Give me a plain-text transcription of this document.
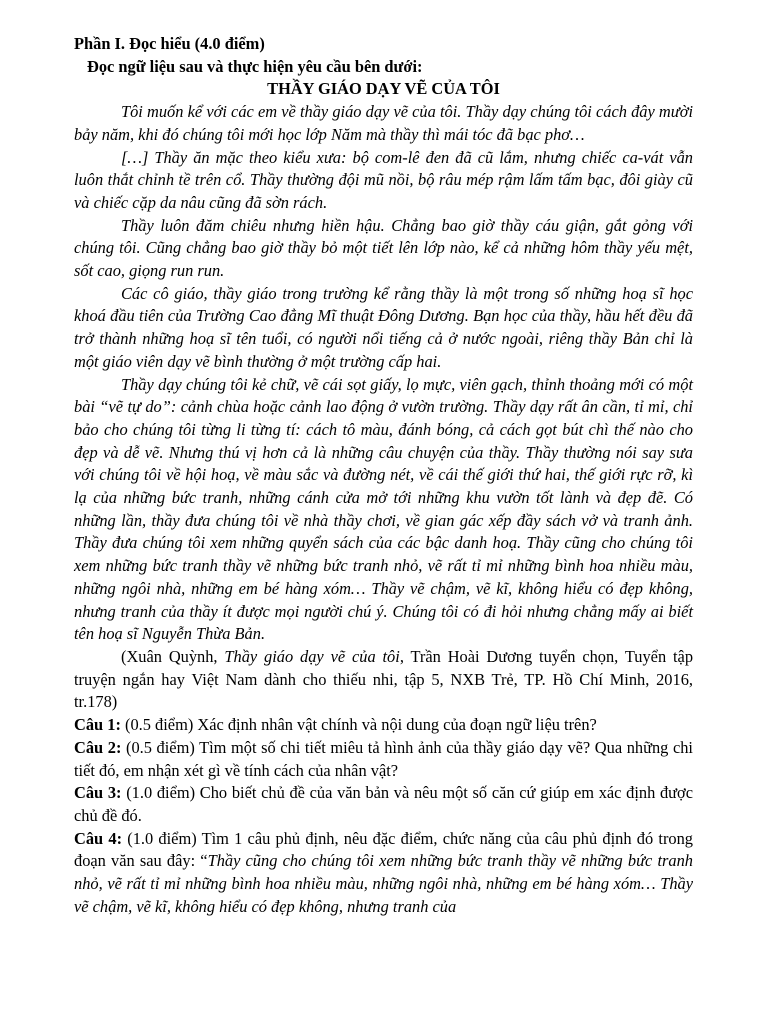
Phần I. Đọc hiểu (4.0 điểm)

Đọc ngữ liệu sau và thực hiện yêu cầu bên dưới:

THẦY GIÁO DẠY VẼ CỦA TÔI

Tôi muốn kể với các em về thầy giáo dạy vẽ của tôi. Thầy dạy chúng tôi cách đây mười bảy năm, khi đó chúng tôi mới học lớp Năm mà thầy thì mái tóc đã bạc phơ…

[…] Thầy ăn mặc theo kiểu xưa: bộ com-lê đen đã cũ lắm, nhưng chiếc ca-vát vẫn luôn thắt chỉnh tề trên cổ. Thầy thường đội mũ nồi, bộ râu mép rậm lấm tấm bạc, đôi giày cũ và chiếc cặp da nâu cũng đã sờn rách.

Thầy luôn đăm chiêu nhưng hiền hậu. Chẳng bao giờ thầy cáu giận, gắt gỏng với chúng tôi. Cũng chẳng bao giờ thầy bỏ một tiết lên lớp nào, kể cả những hôm thầy yếu mệt, sốt cao, giọng run run.

Các cô giáo, thầy giáo trong trường kể rằng thầy là một trong số những hoạ sĩ học khoá đầu tiên của Trường Cao đẳng Mĩ thuật Đông Dương. Bạn học của thầy, hầu hết đều đã trở thành những hoạ sĩ tên tuổi, có người nổi tiếng cả ở nước ngoài, riêng thầy Bản chỉ là một giáo viên dạy vẽ bình thường ở một trường cấp hai.

Thầy dạy chúng tôi kẻ chữ, vẽ cái sọt giấy, lọ mực, viên gạch, thỉnh thoảng mới có một bài “vẽ tự do”: cảnh chùa hoặc cảnh lao động ở vườn trường. Thầy dạy rất ân cần, tỉ mỉ, chỉ bảo cho chúng tôi từng li từng tí: cách tô màu, đánh bóng, cả cách gọt bút chì thế nào cho đẹp và dễ vẽ. Nhưng thú vị hơn cả là những câu chuyện của thầy. Thầy thường nói say sưa với chúng tôi về hội hoạ, về màu sắc và đường nét, về cái thế giới thứ hai, thế giới rực rỡ, kì lạ của những bức tranh, những cánh cửa mở tới những khu vườn tốt lành và đẹp đẽ. Có những lần, thầy đưa chúng tôi về nhà thầy chơi, về gian gác xếp đầy sách vở và tranh ảnh. Thầy đưa chúng tôi xem những quyển sách của các bậc danh hoạ. Thầy cũng cho chúng tôi xem những bức tranh thầy vẽ những bức tranh nhỏ, vẽ rất tỉ mỉ những bình hoa nhiều màu, những ngôi nhà, những em bé hàng xóm… Thầy vẽ chậm, vẽ kĩ, không hiểu có đẹp không, nhưng tranh của thầy ít được mọi người chú ý. Chúng tôi có đi hỏi nhưng chẳng mấy ai biết tên hoạ sĩ Nguyễn Thừa Bản.

(Xuân Quỳnh, Thầy giáo dạy vẽ của tôi, Trần Hoài Dương tuyển chọn, Tuyển tập truyện ngắn hay Việt Nam dành cho thiếu nhi, tập 5, NXB Trẻ, TP. Hồ Chí Minh, 2016, tr.178)

Câu 1: (0.5 điểm) Xác định nhân vật chính và nội dung của đoạn ngữ liệu trên?

Câu 2: (0.5 điểm) Tìm một số chi tiết miêu tả hình ảnh của thầy giáo dạy vẽ? Qua những chi tiết đó, em nhận xét gì về tính cách của nhân vật?

Câu 3: (1.0 điểm) Cho biết chủ đề của văn bản và nêu một số căn cứ giúp em xác định được chủ đề đó.

Câu 4: (1.0 điểm) Tìm 1 câu phủ định, nêu đặc điểm, chức năng của câu phủ định đó trong đoạn văn sau đây: “Thầy cũng cho chúng tôi xem những bức tranh thầy vẽ những bức tranh nhỏ, vẽ rất tỉ mỉ những bình hoa nhiều màu, những ngôi nhà, những em bé hàng xóm… Thầy vẽ chậm, vẽ kĩ, không hiểu có đẹp không, nhưng tranh của
